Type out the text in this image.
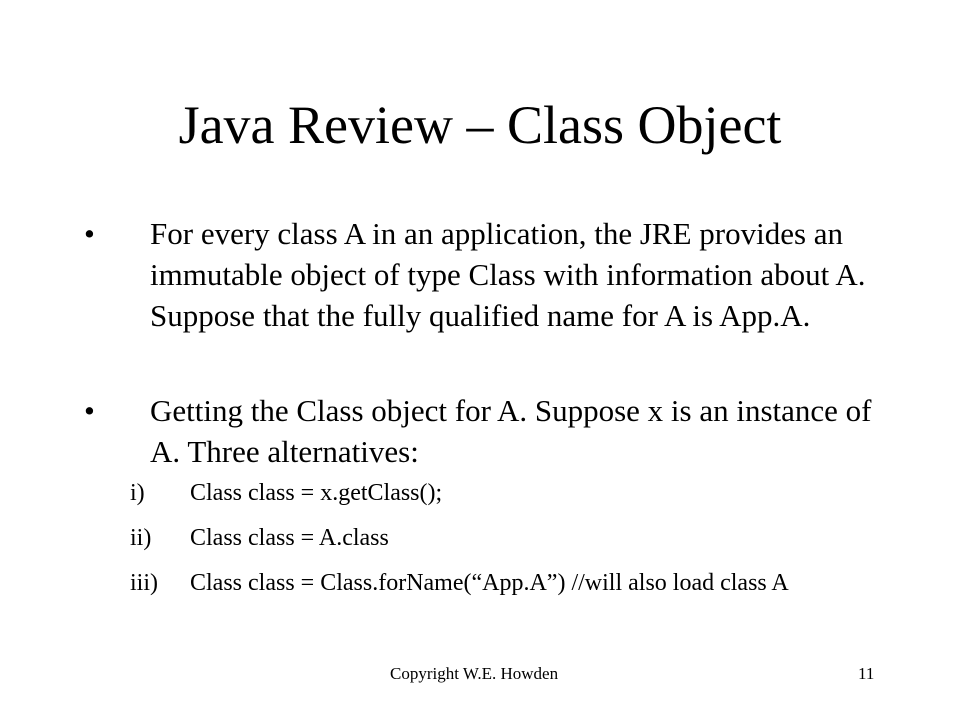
Java Review – Class Object
•	For every class A in an application, the JRE provides an immutable object of type Class with information about A. Suppose that the fully qualified name for A is App.A.
•	Getting the Class object for A. Suppose x is an instance of A. Three alternatives:
i)	Class class = x.getClass();
ii)	Class class = A.class
iii)	Class class = Class.forName(“App.A”) //will also load class A
Copyright W.E. Howden	11
